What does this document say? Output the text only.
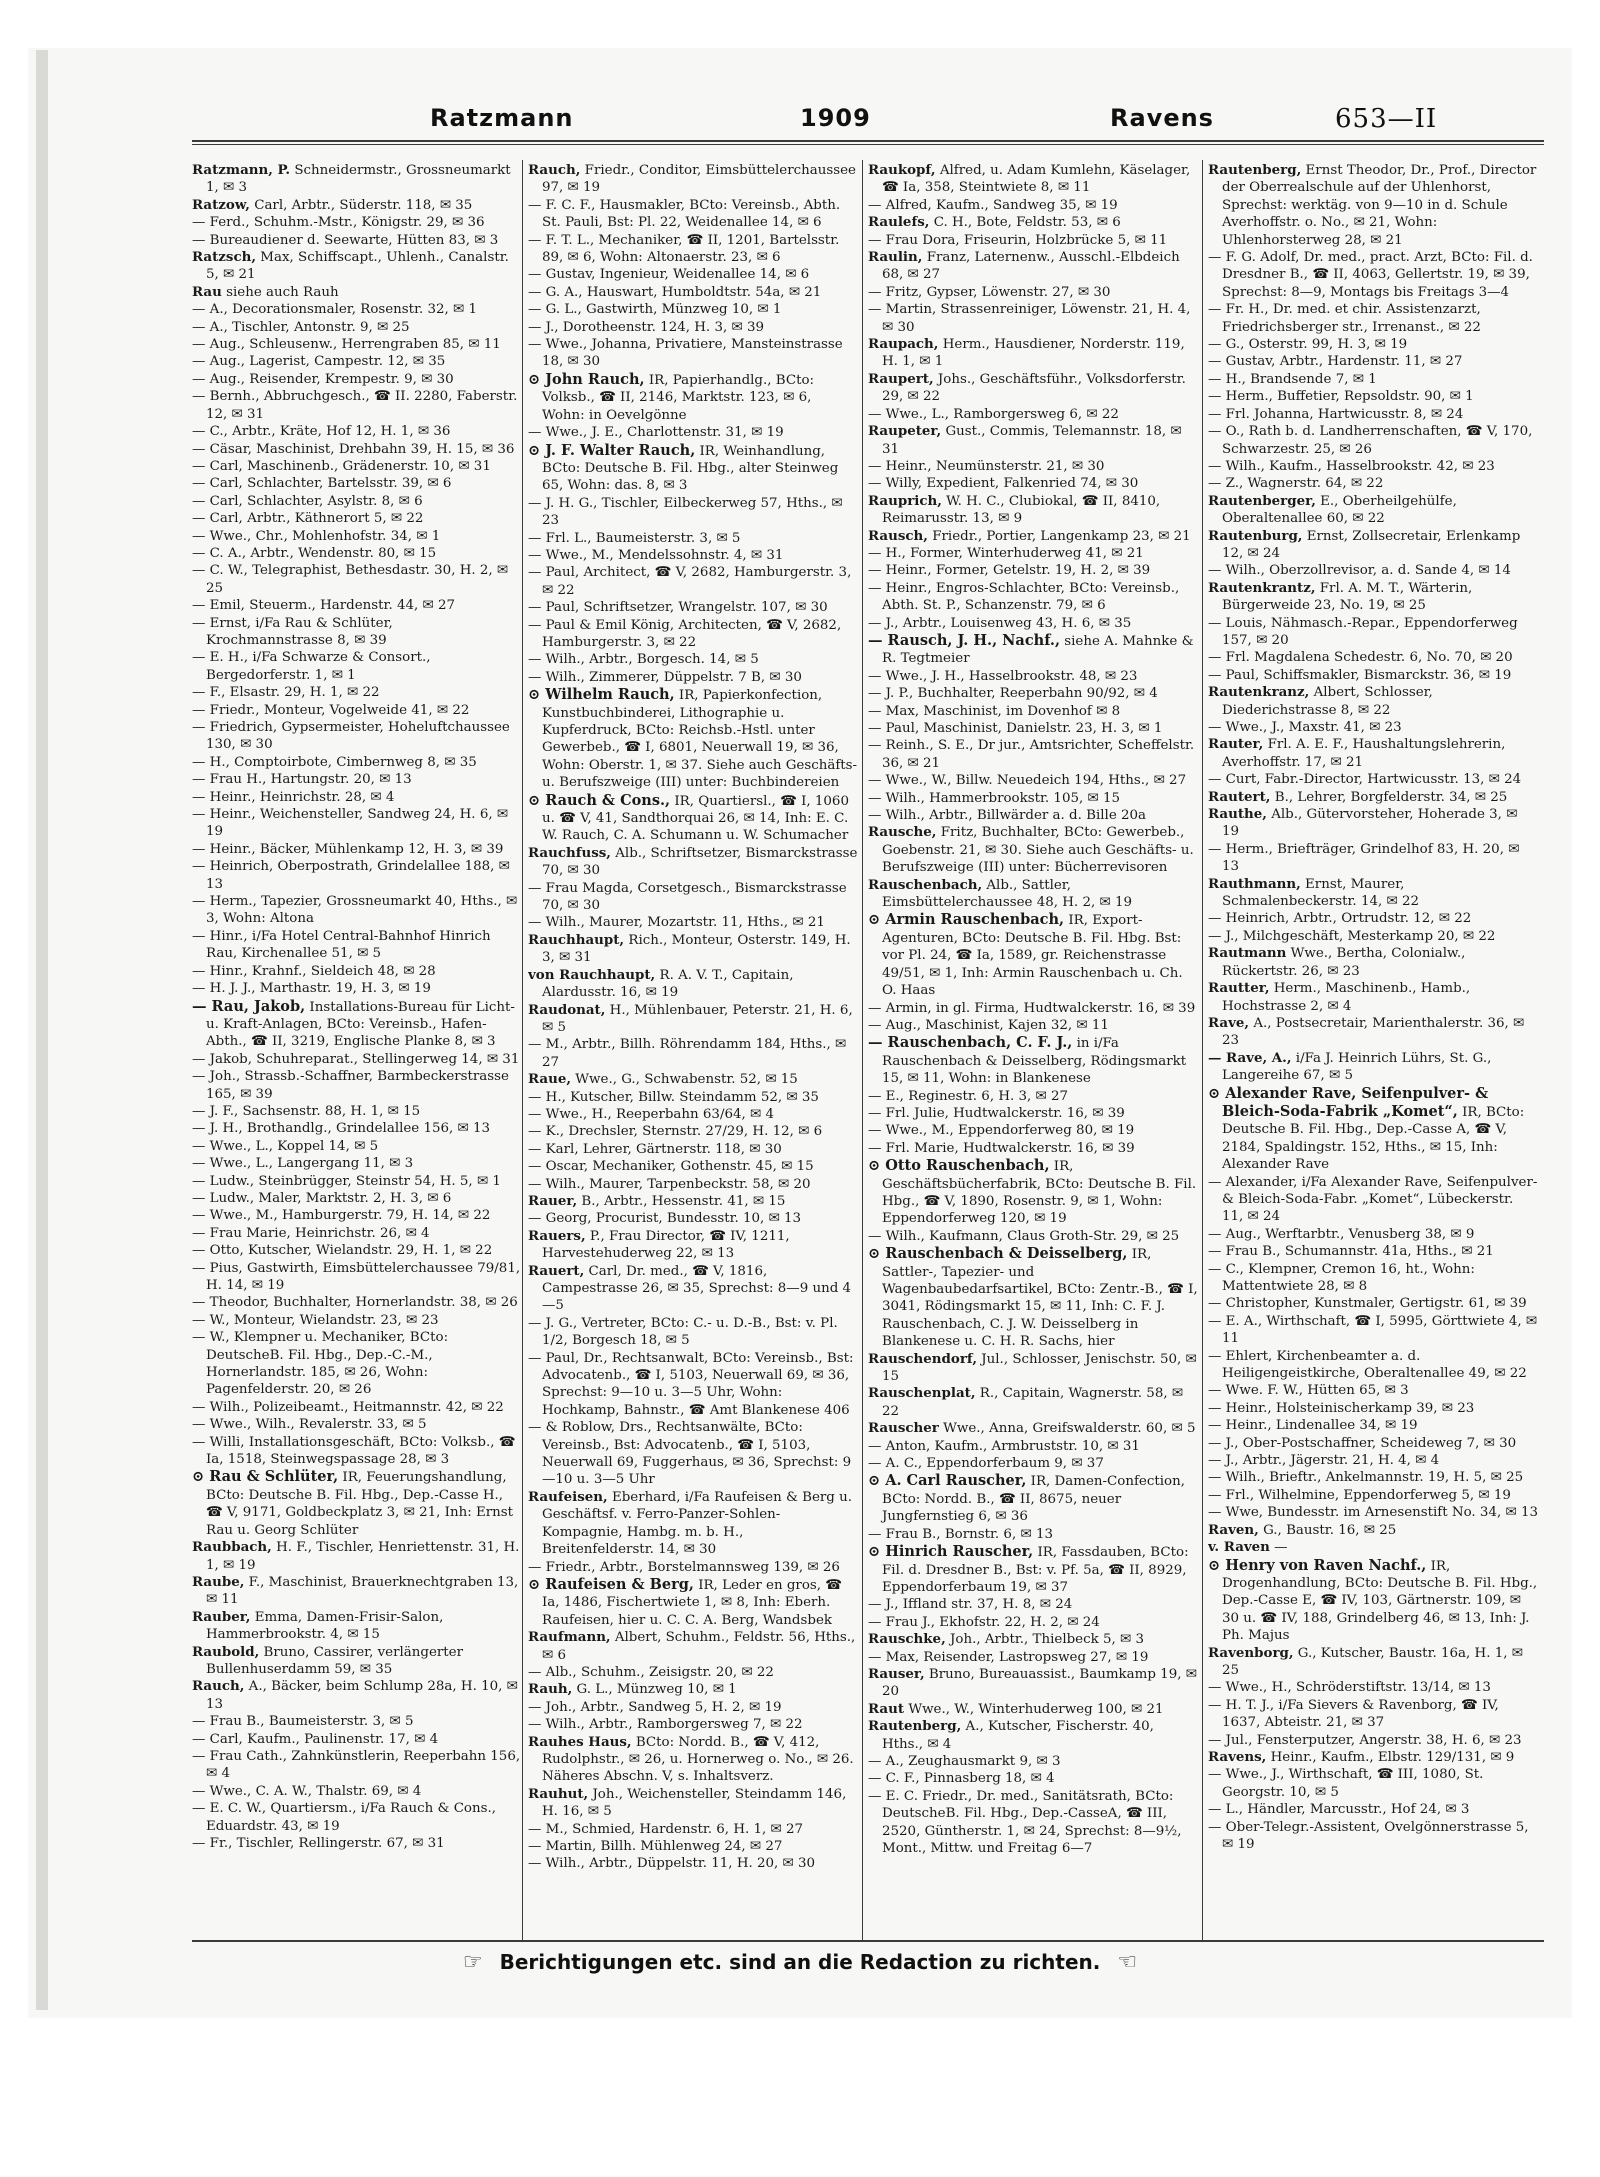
Ratzmann	1909	Ravens	653—II

Ratzmann, P. Schneidermstr., Grossneumarkt 1, ✉ 3

Ratzow, Carl, Arbtr., Süderstr. 118, ✉ 35

— Ferd., Schuhm.-Mstr., Königstr. 29, ✉ 36

— Bureaudiener d. Seewarte, Hütten 83, ✉ 3

Ratzsch, Max, Schiffscapt., Uhlenh., Canalstr. 5, ✉ 21

Rau siehe auch Rauh

— A., Decorationsmaler, Rosenstr. 32, ✉ 1

— A., Tischler, Antonstr. 9, ✉ 25

— Aug., Schleusenw., Herrengraben 85, ✉ 11

— Aug., Lagerist, Campestr. 12, ✉ 35

— Aug., Reisender, Krempestr. 9, ✉ 30

— Bernh., Abbruchgesch., ☎ II. 2280, Faberstr. 12, ✉ 31

— C., Arbtr., Kräte, Hof 12, H. 1, ✉ 36

— Cäsar, Maschinist, Drehbahn 39, H. 15, ✉ 36

— Carl, Maschinenb., Grädenerstr. 10, ✉ 31

— Carl, Schlachter, Bartelsstr. 39, ✉ 6

— Carl, Schlachter, Asylstr. 8, ✉ 6

— Carl, Arbtr., Käthnerort 5, ✉ 22

— Wwe., Chr., Mohlenhofstr. 34, ✉ 1

— C. A., Arbtr., Wendenstr. 80, ✉ 15

— C. W., Telegraphist, Bethesdastr. 30, H. 2, ✉ 25

— Emil, Steuerm., Hardenstr. 44, ✉ 27

— Ernst, i/Fa Rau & Schlüter, Krochmannstrasse 8, ✉ 39

— E. H., i/Fa Schwarze & Consort., Bergedorferstr. 1, ✉ 1

— F., Elsastr. 29, H. 1, ✉ 22

— Friedr., Monteur, Vogelweide 41, ✉ 22

— Friedrich, Gypsermeister, Hoheluftchaussee 130, ✉ 30

— H., Comptoirbote, Cimbernweg 8, ✉ 35

— Frau H., Hartungstr. 20, ✉ 13

— Heinr., Heinrichstr. 28, ✉ 4

— Heinr., Weichensteller, Sandweg 24, H. 6, ✉ 19

— Heinr., Bäcker, Mühlenkamp 12, H. 3, ✉ 39

— Heinrich, Oberpostrath, Grindelallee 188, ✉ 13

— Herm., Tapezier, Grossneumarkt 40, Hths., ✉ 3, Wohn: Altona

— Hinr., i/Fa Hotel Central-Bahnhof Hinrich Rau, Kirchenallee 51, ✉ 5

— Hinr., Krahnf., Sieldeich 48, ✉ 28

— H. J. J., Marthastr. 19, H. 3, ✉ 19

— Rau, Jakob, Installations-Bureau für Licht- u. Kraft-Anlagen, BCto: Vereinsb., Hafen-Abth., ☎ II, 3219, Englische Planke 8, ✉ 3

— Jakob, Schuhreparat., Stellingerweg 14, ✉ 31

— Joh., Strassb.-Schaffner, Barmbeckerstrasse 165, ✉ 39

— J. F., Sachsenstr. 88, H. 1, ✉ 15

— J. H., Brothandlg., Grindelallee 156, ✉ 13

— Wwe., L., Koppel 14, ✉ 5

— Wwe., L., Langergang 11, ✉ 3

— Ludw., Steinbrügger, Steinstr 54, H. 5, ✉ 1

— Ludw., Maler, Marktstr. 2, H. 3, ✉ 6

— Wwe., M., Hamburgerstr. 79, H. 14, ✉ 22

— Frau Marie, Heinrichstr. 26, ✉ 4

— Otto, Kutscher, Wielandstr. 29, H. 1, ✉ 22

— Pius, Gastwirth, Eimsbüttelerchaussee 79/81, H. 14, ✉ 19

— Theodor, Buchhalter, Hornerlandstr. 38, ✉ 26

— W., Monteur, Wielandstr. 23, ✉ 23

— W., Klempner u. Mechaniker, BCto: DeutscheB. Fil. Hbg., Dep.-C.-M., Hornerlandstr. 185, ✉ 26, Wohn: Pagenfelderstr. 20, ✉ 26

— Wilh., Polizeibeamt., Heitmannstr. 42, ✉ 22

— Wwe., Wilh., Revalerstr. 33, ✉ 5

— Willi, Installationsgeschäft, BCto: Volksb., ☎ Ia, 1518, Steinwegspassage 28, ✉ 3

⊙ Rau & Schlüter, IR, Feuerungshandlung, BCto: Deutsche B. Fil. Hbg., Dep.-Casse H., ☎ V, 9171, Goldbeckplatz 3, ✉ 21, Inh: Ernst Rau u. Georg Schlüter

Raubbach, H. F., Tischler, Henriettenstr. 31, H. 1, ✉ 19

Raube, F., Maschinist, Brauerknechtgraben 13, ✉ 11

Rauber, Emma, Damen-Frisir-Salon, Hammerbrookstr. 4, ✉ 15

Raubold, Bruno, Cassirer, verlängerter Bullenhuserdamm 59, ✉ 35

Rauch, A., Bäcker, beim Schlump 28a, H. 10, ✉ 13

— Frau B., Baumeisterstr. 3, ✉ 5

— Carl, Kaufm., Paulinenstr. 17, ✉ 4

— Frau Cath., Zahnkünstlerin, Reeperbahn 156, ✉ 4

— Wwe., C. A. W., Thalstr. 69, ✉ 4

— E. C. W., Quartiersm., i/Fa Rauch & Cons., Eduardstr. 43, ✉ 19

— Fr., Tischler, Rellingerstr. 67, ✉ 31

Rauch, Friedr., Conditor, Eimsbüttelerchaussee 97, ✉ 19

— F. C. F., Hausmakler, BCto: Vereinsb., Abth. St. Pauli, Bst: Pl. 22, Weidenallee 14, ✉ 6

— F. T. L., Mechaniker, ☎ II, 1201, Bartelsstr. 89, ✉ 6, Wohn: Altonaerstr. 23, ✉ 6

— Gustav, Ingenieur, Weidenallee 14, ✉ 6

— G. A., Hauswart, Humboldtstr. 54a, ✉ 21

— G. L., Gastwirth, Münzweg 10, ✉ 1

— J., Dorotheenstr. 124, H. 3, ✉ 39

— Wwe., Johanna, Privatiere, Mansteinstrasse 18, ✉ 30

⊙ John Rauch, IR, Papierhandlg., BCto: Volksb., ☎ II, 2146, Marktstr. 123, ✉ 6, Wohn: in Oevelgönne

— Wwe., J. E., Charlottenstr. 31, ✉ 19

⊙ J. F. Walter Rauch, IR, Weinhandlung, BCto: Deutsche B. Fil. Hbg., alter Steinweg 65, Wohn: das. 8, ✉ 3

— J. H. G., Tischler, Eilbeckerweg 57, Hths., ✉ 23

— Frl. L., Baumeisterstr. 3, ✉ 5

— Wwe., M., Mendelssohnstr. 4, ✉ 31

— Paul, Architect, ☎ V, 2682, Hamburgerstr. 3, ✉ 22

— Paul, Schriftsetzer, Wrangelstr. 107, ✉ 30

— Paul & Emil König, Architecten, ☎ V, 2682, Hamburgerstr. 3, ✉ 22

— Wilh., Arbtr., Borgesch. 14, ✉ 5

— Wilh., Zimmerer, Düppelstr. 7 B, ✉ 30

⊙ Wilhelm Rauch, IR, Papierkonfection, Kunstbuchbinderei, Lithographie u. Kupferdruck, BCto: Reichsb.-Hstl. unter Gewerbeb., ☎ I, 6801, Neuerwall 19, ✉ 36, Wohn: Oberstr. 1, ✉ 37. Siehe auch Geschäfts- u. Berufszweige (III) unter: Buchbindereien

⊙ Rauch & Cons., IR, Quartiersl., ☎ I, 1060 u. ☎ V, 41, Sandthorquai 26, ✉ 14, Inh: E. C. W. Rauch, C. A. Schumann u. W. Schumacher

Rauchfuss, Alb., Schriftsetzer, Bismarckstrasse 70, ✉ 30

— Frau Magda, Corsetgesch., Bismarckstrasse 70, ✉ 30

— Wilh., Maurer, Mozartstr. 11, Hths., ✉ 21

Rauchhaupt, Rich., Monteur, Osterstr. 149, H. 3, ✉ 31

von Rauchhaupt, R. A. V. T., Capitain, Alardusstr. 16, ✉ 19

Raudonat, H., Mühlenbauer, Peterstr. 21, H. 6, ✉ 5

— M., Arbtr., Billh. Röhrendamm 184, Hths., ✉ 27

Raue, Wwe., G., Schwabenstr. 52, ✉ 15

— H., Kutscher, Billw. Steindamm 52, ✉ 35

— Wwe., H., Reeperbahn 63/64, ✉ 4

— K., Drechsler, Sternstr. 27/29, H. 12, ✉ 6

— Karl, Lehrer, Gärtnerstr. 118, ✉ 30

— Oscar, Mechaniker, Gothenstr. 45, ✉ 15

— Wilh., Maurer, Tarpenbeckstr. 58, ✉ 20

Rauer, B., Arbtr., Hessenstr. 41, ✉ 15

— Georg, Procurist, Bundesstr. 10, ✉ 13

Rauers, P., Frau Director, ☎ IV, 1211, Harvestehuderweg 22, ✉ 13

Rauert, Carl, Dr. med., ☎ V, 1816, Campestrasse 26, ✉ 35, Sprechst: 8—9 und 4—5

— J. G., Vertreter, BCto: C.- u. D.-B., Bst: v. Pl. 1/2, Borgesch 18, ✉ 5

— Paul, Dr., Rechtsanwalt, BCto: Vereinsb., Bst: Advocatenb., ☎ I, 5103, Neuerwall 69, ✉ 36, Sprechst: 9—10 u. 3—5 Uhr, Wohn: Hochkamp, Bahnstr., ☎ Amt Blankenese 406

— & Roblow, Drs., Rechtsanwälte, BCto: Vereinsb., Bst: Advocatenb., ☎ I, 5103, Neuerwall 69, Fuggerhaus, ✉ 36, Sprechst: 9—10 u. 3—5 Uhr

Raufeisen, Eberhard, i/Fa Raufeisen & Berg u. Geschäftsf. v. Ferro-Panzer-Sohlen-Kompagnie, Hambg. m. b. H., Breitenfelderstr. 14, ✉ 30

— Friedr., Arbtr., Borstelmannsweg 139, ✉ 26

⊙ Raufeisen & Berg, IR, Leder en gros, ☎ Ia, 1486, Fischertwiete 1, ✉ 8, Inh: Eberh. Raufeisen, hier u. C. C. A. Berg, Wandsbek

Raufmann, Albert, Schuhm., Feldstr. 56, Hths., ✉ 6

— Alb., Schuhm., Zeisigstr. 20, ✉ 22

Rauh, G. L., Münzweg 10, ✉ 1

— Joh., Arbtr., Sandweg 5, H. 2, ✉ 19

— Wilh., Arbtr., Ramborgersweg 7, ✉ 22

Rauhes Haus, BCto: Nordd. B., ☎ V, 412, Rudolphstr., ✉ 26, u. Hornerweg o. No., ✉ 26. Näheres Abschn. V, s. Inhaltsverz.

Rauhut, Joh., Weichensteller, Steindamm 146, H. 16, ✉ 5

— M., Schmied, Hardenstr. 6, H. 1, ✉ 27

— Martin, Billh. Mühlenweg 24, ✉ 27

— Wilh., Arbtr., Düppelstr. 11, H. 20, ✉ 30

Raukopf, Alfred, u. Adam Kumlehn, Käselager, ☎ Ia, 358, Steintwiete 8, ✉ 11

— Alfred, Kaufm., Sandweg 35, ✉ 19

Raulefs, C. H., Bote, Feldstr. 53, ✉ 6

— Frau Dora, Friseurin, Holzbrücke 5, ✉ 11

Raulin, Franz, Laternenw., Ausschl.-Elbdeich 68, ✉ 27

— Fritz, Gypser, Löwenstr. 27, ✉ 30

— Martin, Strassenreiniger, Löwenstr. 21, H. 4, ✉ 30

Raupach, Herm., Hausdiener, Norderstr. 119, H. 1, ✉ 1

Raupert, Johs., Geschäftsführ., Volksdorferstr. 29, ✉ 22

— Wwe., L., Ramborgersweg 6, ✉ 22

Raupeter, Gust., Commis, Telemannstr. 18, ✉ 31

— Heinr., Neumünsterstr. 21, ✉ 30

— Willy, Expedient, Falkenried 74, ✉ 30

Rauprich, W. H. C., Clubiokal, ☎ II, 8410, Reimarusstr. 13, ✉ 9

Rausch, Friedr., Portier, Langenkamp 23, ✉ 21

— H., Former, Winterhuderweg 41, ✉ 21

— Heinr., Former, Getelstr. 19, H. 2, ✉ 39

— Heinr., Engros-Schlachter, BCto: Vereinsb., Abth. St. P., Schanzenstr. 79, ✉ 6

— J., Arbtr., Louisenweg 43, H. 6, ✉ 35

— Rausch, J. H., Nachf., siehe A. Mahnke & R. Tegtmeier

— Wwe., J. H., Hasselbrookstr. 48, ✉ 23

— J. P., Buchhalter, Reeperbahn 90/92, ✉ 4

— Max, Maschinist, im Dovenhof ✉ 8

— Paul, Maschinist, Danielstr. 23, H. 3, ✉ 1

— Reinh., S. E., Dr jur., Amtsrichter, Scheffelstr. 36, ✉ 21

— Wwe., W., Billw. Neuedeich 194, Hths., ✉ 27

— Wilh., Hammerbrookstr. 105, ✉ 15

— Wilh., Arbtr., Billwärder a. d. Bille 20a

Rausche, Fritz, Buchhalter, BCto: Gewerbeb., Goebenstr. 21, ✉ 30. Siehe auch Geschäfts- u. Berufszweige (III) unter: Bücherrevisoren

Rauschenbach, Alb., Sattler, Eimsbüttelerchaussee 48, H. 2, ✉ 19

⊙ Armin Rauschenbach, IR, Export-Agenturen, BCto: Deutsche B. Fil. Hbg. Bst: vor Pl. 24, ☎ Ia, 1589, gr. Reichenstrasse 49/51, ✉ 1, Inh: Armin Rauschenbach u. Ch. O. Haas

— Armin, in gl. Firma, Hudtwalckerstr. 16, ✉ 39

— Aug., Maschinist, Kajen 32, ✉ 11

— Rauschenbach, C. F. J., in i/Fa Rauschenbach & Deisselberg, Rödingsmarkt 15, ✉ 11, Wohn: in Blankenese

— E., Reginestr. 6, H. 3, ✉ 27

— Frl. Julie, Hudtwalckerstr. 16, ✉ 39

— Wwe., M., Eppendorferweg 80, ✉ 19

— Frl. Marie, Hudtwalckerstr. 16, ✉ 39

⊙ Otto Rauschenbach, IR, Geschäftsbücherfabrik, BCto: Deutsche B. Fil. Hbg., ☎ V, 1890, Rosenstr. 9, ✉ 1, Wohn: Eppendorferweg 120, ✉ 19

— Wilh., Kaufmann, Claus Groth-Str. 29, ✉ 25

⊙ Rauschenbach & Deisselberg, IR, Sattler-, Tapezier- und Wagenbaubedarfsartikel, BCto: Zentr.-B., ☎ I, 3041, Rödingsmarkt 15, ✉ 11, Inh: C. F. J. Rauschenbach, C. J. W. Deisselberg in Blankenese u. C. H. R. Sachs, hier

Rauschendorf, Jul., Schlosser, Jenischstr. 50, ✉ 15

Rauschenplat, R., Capitain, Wagnerstr. 58, ✉ 22

Rauscher Wwe., Anna, Greifswalderstr. 60, ✉ 5

— Anton, Kaufm., Armbruststr. 10, ✉ 31

— A. C., Eppendorferbaum 9, ✉ 37

⊙ A. Carl Rauscher, IR, Damen-Confection, BCto: Nordd. B., ☎ II, 8675, neuer Jungfernstieg 6, ✉ 36

— Frau B., Bornstr. 6, ✉ 13

⊙ Hinrich Rauscher, IR, Fassdauben, BCto: Fil. d. Dresdner B., Bst: v. Pf. 5a, ☎ II, 8929, Eppendorferbaum 19, ✉ 37

— J., Iffland str. 37, H. 8, ✉ 24

— Frau J., Ekhofstr. 22, H. 2, ✉ 24

Rauschke, Joh., Arbtr., Thielbeck 5, ✉ 3

— Max, Reisender, Lastropsweg 27, ✉ 19

Rauser, Bruno, Bureauassist., Baumkamp 19, ✉ 20

Raut Wwe., W., Winterhuderweg 100, ✉ 21

Rautenberg, A., Kutscher, Fischerstr. 40, Hths., ✉ 4

— A., Zeughausmarkt 9, ✉ 3

— C. F., Pinnasberg 18, ✉ 4

— E. C. Friedr., Dr. med., Sanitätsrath, BCto: DeutscheB. Fil. Hbg., Dep.-CasseA, ☎ III, 2520, Güntherstr. 1, ✉ 24, Sprechst: 8—9½, Mont., Mittw. und Freitag 6—7

Rautenberg, Ernst Theodor, Dr., Prof., Director der Oberrealschule auf der Uhlenhorst, Sprechst: werktäg. von 9—10 in d. Schule Averhoffstr. o. No., ✉ 21, Wohn: Uhlenhorsterweg 28, ✉ 21

— F. G. Adolf, Dr. med., pract. Arzt, BCto: Fil. d. Dresdner B., ☎ II, 4063, Gellertstr. 19, ✉ 39, Sprechst: 8—9, Montags bis Freitags 3—4

— Fr. H., Dr. med. et chir. Assistenzarzt, Friedrichsberger str., Irrenanst., ✉ 22

— G., Osterstr. 99, H. 3, ✉ 19

— Gustav, Arbtr., Hardenstr. 11, ✉ 27

— H., Brandsende 7, ✉ 1

— Herm., Buffetier, Repsoldstr. 90, ✉ 1

— Frl. Johanna, Hartwicusstr. 8, ✉ 24

— O., Rath b. d. Landherrenschaften, ☎ V, 170, Schwarzestr. 25, ✉ 26

— Wilh., Kaufm., Hasselbrookstr. 42, ✉ 23

— Z., Wagnerstr. 64, ✉ 22

Rautenberger, E., Oberheilgehülfe, Oberaltenallee 60, ✉ 22

Rautenburg, Ernst, Zollsecretair, Erlenkamp 12, ✉ 24

— Wilh., Oberzollrevisor, a. d. Sande 4, ✉ 14

Rautenkrantz, Frl. A. M. T., Wärterin, Bürgerweide 23, No. 19, ✉ 25

— Louis, Nähmasch.-Repar., Eppendorferweg 157, ✉ 20

— Frl. Magdalena Schedestr. 6, No. 70, ✉ 20

— Paul, Schiffsmakler, Bismarckstr. 36, ✉ 19

Rautenkranz, Albert, Schlosser, Diederichstrasse 8, ✉ 22

— Wwe., J., Maxstr. 41, ✉ 23

Rauter, Frl. A. E. F., Haushaltungslehrerin, Averhoffstr. 17, ✉ 21

— Curt, Fabr.-Director, Hartwicusstr. 13, ✉ 24

Rautert, B., Lehrer, Borgfelderstr. 34, ✉ 25

Rauthe, Alb., Gütervorsteher, Hoherade 3, ✉ 19

— Herm., Briefträger, Grindelhof 83, H. 20, ✉ 13

Rauthmann, Ernst, Maurer, Schmalenbeckerstr. 14, ✉ 22

— Heinrich, Arbtr., Ortrudstr. 12, ✉ 22

— J., Milchgeschäft, Mesterkamp 20, ✉ 22

Rautmann Wwe., Bertha, Colonialw., Rückertstr. 26, ✉ 23

Rautter, Herm., Maschinenb., Hamb., Hochstrasse 2, ✉ 4

Rave, A., Postsecretair, Marienthalerstr. 36, ✉ 23

— Rave, A., i/Fa J. Heinrich Lührs, St. G., Langereihe 67, ✉ 5

⊙ Alexander Rave, Seifenpulver- & Bleich-Soda-Fabrik „Komet“, IR, BCto: Deutsche B. Fil. Hbg., Dep.-Casse A, ☎ V, 2184, Spaldingstr. 152, Hths., ✉ 15, Inh: Alexander Rave

— Alexander, i/Fa Alexander Rave, Seifenpulver- & Bleich-Soda-Fabr. „Komet“, Lübeckerstr. 11, ✉ 24

— Aug., Werftarbtr., Venusberg 38, ✉ 9

— Frau B., Schumannstr. 41a, Hths., ✉ 21

— C., Klempner, Cremon 16, ht., Wohn: Mattentwiete 28, ✉ 8

— Christopher, Kunstmaler, Gertigstr. 61, ✉ 39

— E. A., Wirthschaft, ☎ I, 5995, Görttwiete 4, ✉ 11

— Ehlert, Kirchenbeamter a. d. Heiligengeistkirche, Oberaltenallee 49, ✉ 22

— Wwe. F. W., Hütten 65, ✉ 3

— Heinr., Holsteinischerkamp 39, ✉ 23

— Heinr., Lindenallee 34, ✉ 19

— J., Ober-Postschaffner, Scheideweg 7, ✉ 30

— J., Arbtr., Jägerstr. 21, H. 4, ✉ 4

— Wilh., Brieftr., Ankelmannstr. 19, H. 5, ✉ 25

— Frl., Wilhelmine, Eppendorferweg 5, ✉ 19

— Wwe, Bundesstr. im Arnesenstift No. 34, ✉ 13

Raven, G., Baustr. 16, ✉ 25

v. Raven —

⊙ Henry von Raven Nachf., IR, Drogenhandlung, BCto: Deutsche B. Fil. Hbg., Dep.-Casse E, ☎ IV, 103, Gärtnerstr. 109, ✉ 30 u. ☎ IV, 188, Grindelberg 46, ✉ 13, Inh: J. Ph. Majus

Ravenborg, G., Kutscher, Baustr. 16a, H. 1, ✉ 25

— Wwe., H., Schröderstiftstr. 13/14, ✉ 13

— H. T. J., i/Fa Sievers & Ravenborg, ☎ IV, 1637, Abteistr. 21, ✉ 37

— Jul., Fensterputzer, Angerstr. 38, H. 6, ✉ 23

Ravens, Heinr., Kaufm., Elbstr. 129/131, ✉ 9

— Wwe., J., Wirthschaft, ☎ III, 1080, St. Georgstr. 10, ✉ 5

— L., Händler, Marcusstr., Hof 24, ✉ 3

— Ober-Telegr.-Assistent, Ovelgönnerstrasse 5, ✉ 19

☞ Berichtigungen etc. sind an die Redaction zu richten. ☜
